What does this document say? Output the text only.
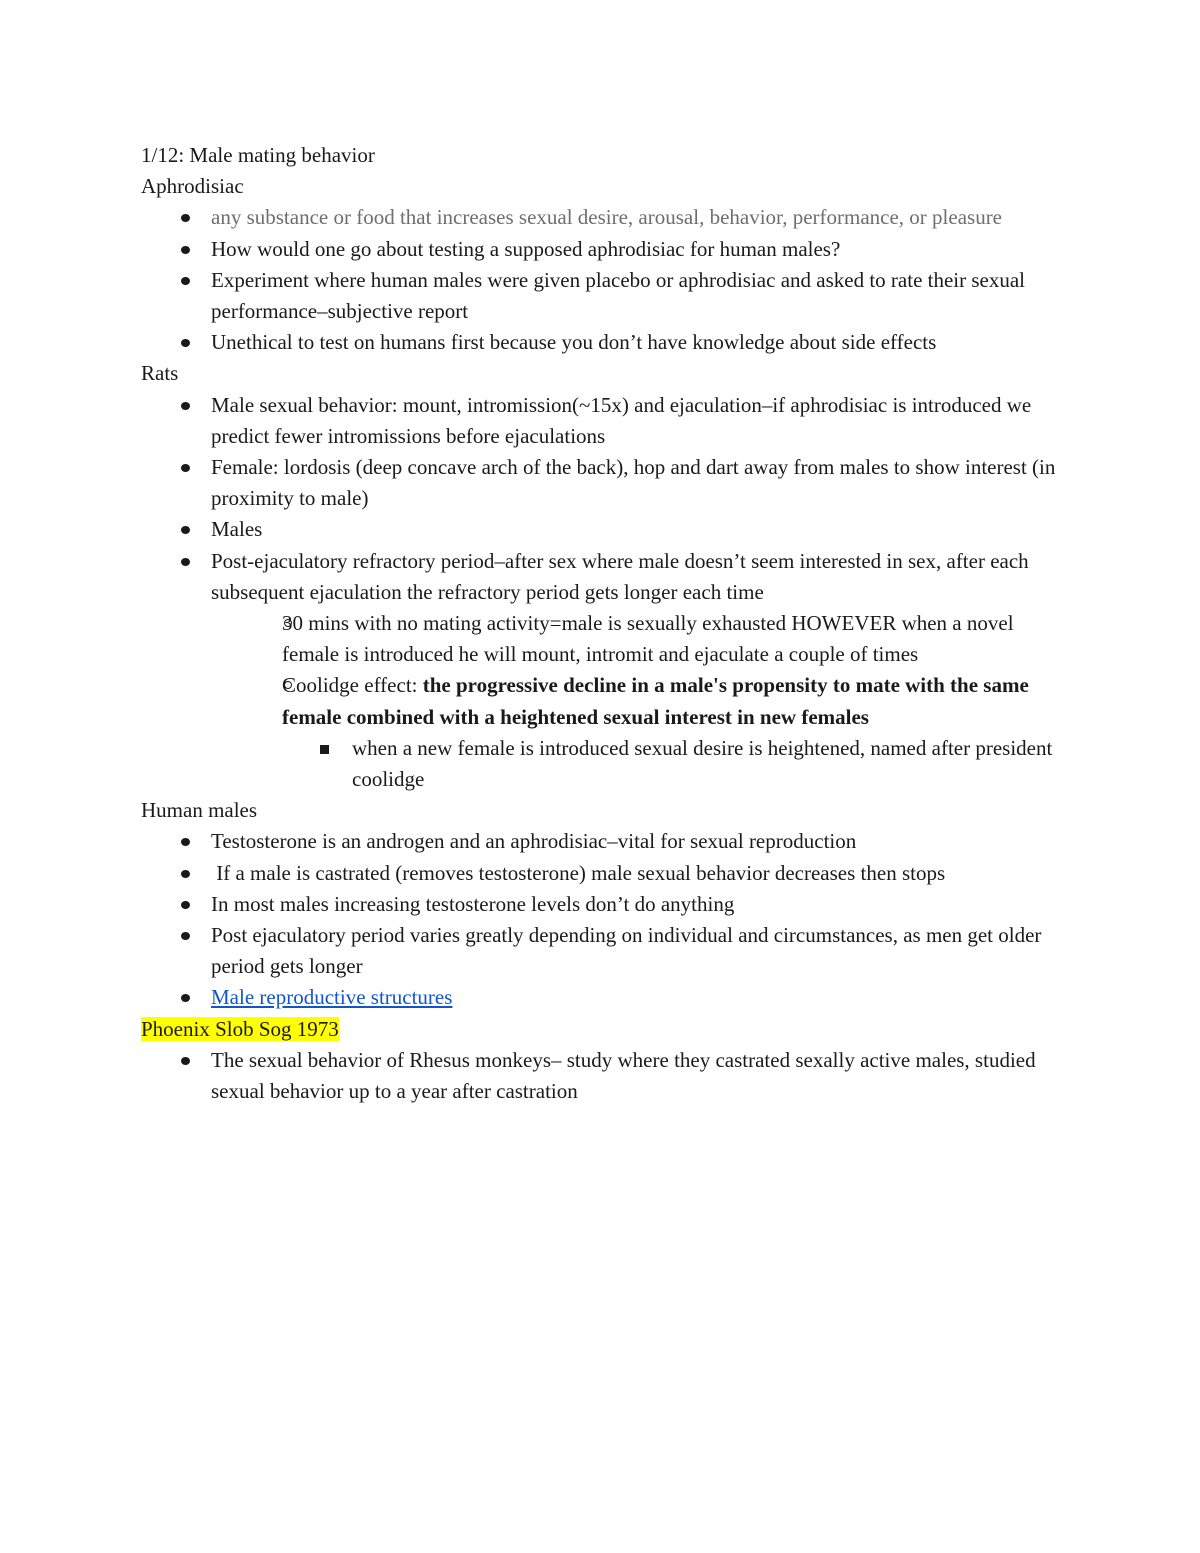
1/12: Male mating behavior

Aphrodisiac

any substance or food that increases sexual desire, arousal, behavior, performance, or pleasure
How would one go about testing a supposed aphrodisiac for human males?
Experiment where human males were given placebo or aphrodisiac and asked to rate their sexual performance–subjective report
Unethical to test on humans first because you don’t have knowledge about side effects

Rats

Male sexual behavior: mount, intromission(~15x) and ejaculation–if aphrodisiac is introduced we predict fewer intromissions before ejaculations
Female: lordosis (deep concave arch of the back), hop and dart away from males to show interest (in proximity to male)
Males
Post-ejaculatory refractory period–after sex where male doesn’t seem interested in sex, after each subsequent ejaculation the refractory period gets longer each time
30 mins with no mating activity=male is sexually exhausted HOWEVER when a novel female is introduced he will mount, intromit and ejaculate a couple of times
Coolidge effect: the progressive decline in a male's propensity to mate with the same female combined with a heightened sexual interest in new females
when a new female is introduced sexual desire is heightened, named after president coolidge

Human males

Testosterone is an androgen and an aphrodisiac–vital for sexual reproduction
If a male is castrated (removes testosterone) male sexual behavior decreases then stops
In most males increasing testosterone levels don’t do anything
Post ejaculatory period varies greatly depending on individual and circumstances, as men get older period gets longer
Male reproductive structures

Phoenix Slob Sog 1973

The sexual behavior of Rhesus monkeys– study where they castrated sexally active males, studied sexual behavior up to a year after castration
